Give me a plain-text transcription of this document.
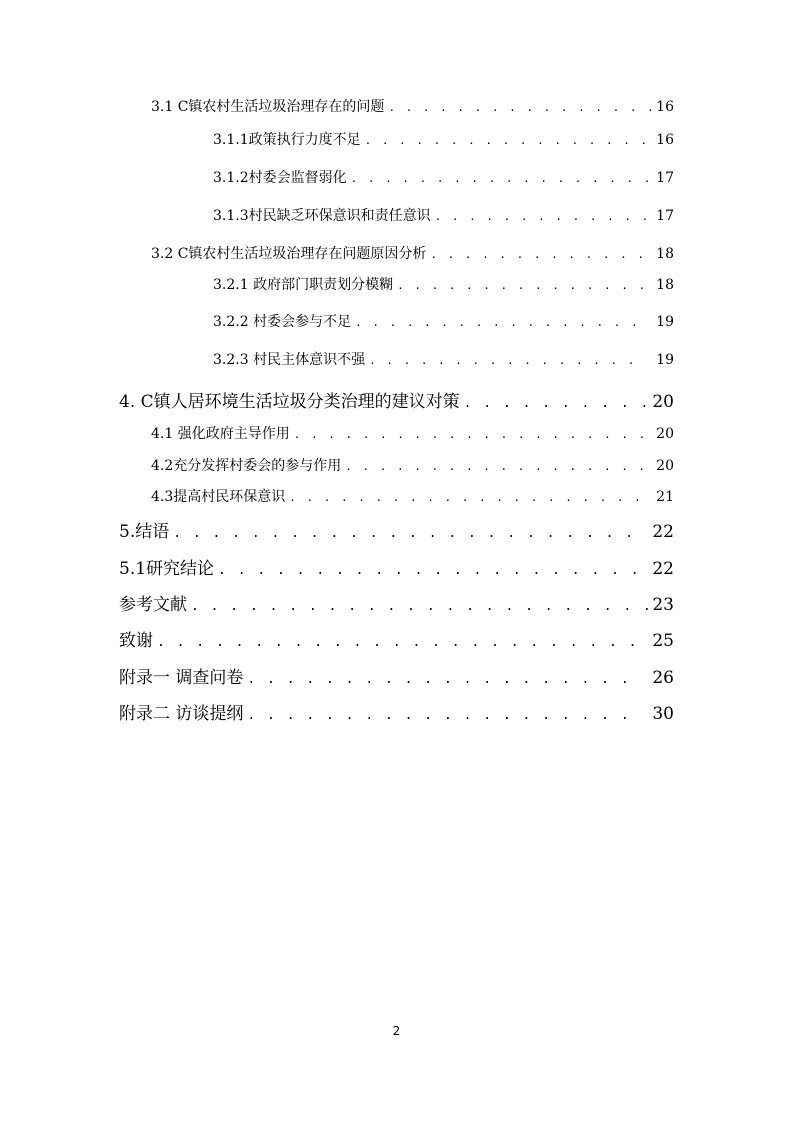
3.1 C镇农村生活垃圾治理存在的问题 . . .	16
3.1.1政策执行力度不足 . . .	16
3.1.2村委会监督弱化 . . .	17
3.1.3村民缺乏环保意识和责任意识 . . .	17
3.2 C镇农村生活垃圾治理存在问题原因分析 . . .	18
3.2.1 政府部门职责划分模糊 . . .	18
3.2.2 村委会参与不足 . . .	19
3.2.3 村民主体意识不强 . . .	19
4. C镇人居环境生活垃圾分类治理的建议对策 . . .	20
4.1 强化政府主导作用 . . .	20
4.2充分发挥村委会的参与作用 . . .	20
4.3提高村民环保意识 . . .	21
5.结语 . . .	22
5.1研究结论 . . .	22
参考文献 . . .	23
致谢 . . .	25
附录一 调查问卷 . . .	26
附录二 访谈提纲 . . .	30
2
